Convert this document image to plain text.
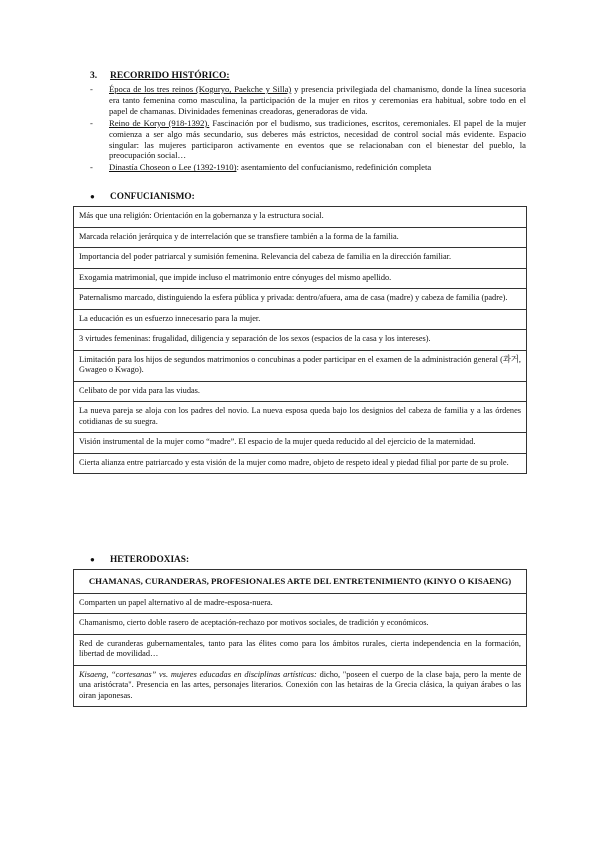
3. RECORRIDO HISTÓRICO:
- Época de los tres reinos (Koguryo, Paekche y Silla) y presencia privilegiada del chamanismo, donde la línea sucesoria era tanto femenina como masculina, la participación de la mujer en ritos y ceremonias era habitual, sobre todo en el papel de chamanas. Divinidades femeninas creadoras, generadoras de vida.
- Reino de Koryo (918-1392). Fascinación por el budismo, sus tradiciones, escritos, ceremoniales. El papel de la mujer comienza a ser algo más secundario, sus deberes más estrictos, necesidad de control social más evidente. Espacio singular: las mujeres participaron activamente en eventos que se relacionaban con el bienestar del pueblo, la preocupación social…
- Dinastía Choseon o Lee (1392-1910): asentamiento del confucianismo, redefinición completa
● CONFUCIANISMO:
Más que una religión: Orientación en la gobernanza y la estructura social.
Marcada relación jerárquica y de interrelación que se transfiere también a la forma de la familia.
Importancia del poder patriarcal y sumisión femenina. Relevancia del cabeza de familia en la dirección familiar.
Exogamia matrimonial, que impide incluso el matrimonio entre cónyuges del mismo apellido.
Paternalismo marcado, distinguiendo la esfera pública y privada: dentro/afuera, ama de casa (madre) y cabeza de familia (padre).
La educación es un esfuerzo innecesario para la mujer.
3 virtudes femeninas: frugalidad, diligencia y separación de los sexos (espacios de la casa y los intereses).
Limitación para los hijos de segundos matrimonios o concubinas a poder participar en el examen de la administración general (과거, Gwageo o Kwago).
Celibato de por vida para las viudas.
La nueva pareja se aloja con los padres del novio. La nueva esposa queda bajo los designios del cabeza de familia y a las órdenes cotidianas de su suegra.
Visión instrumental de la mujer como “madre”. El espacio de la mujer queda reducido al del ejercicio de la maternidad.
Cierta alianza entre patriarcado y esta visión de la mujer como madre, objeto de respeto ideal y piedad filial por parte de su prole.
● HETERODOXIAS:
CHAMANAS, CURANDERAS, PROFESIONALES ARTE DEL ENTRETENIMIENTO (KINYO O KISAENG)
Comparten un papel alternativo al de madre-esposa-nuera.
Chamanismo, cierto doble rasero de aceptación-rechazo por motivos sociales, de tradición y económicos.
Red de curanderas gubernamentales, tanto para las élites como para los ámbitos rurales, cierta independencia en la formación, libertad de movilidad…
Kisaeng, “cortesanas” vs. mujeres educadas en disciplinas artísticas: dicho, "poseen el cuerpo de la clase baja, pero la mente de una aristócrata". Presencia en las artes, personajes literarios. Conexión con las hetairas de la Grecia clásica, la quiyan árabes o las oiran japonesas.
